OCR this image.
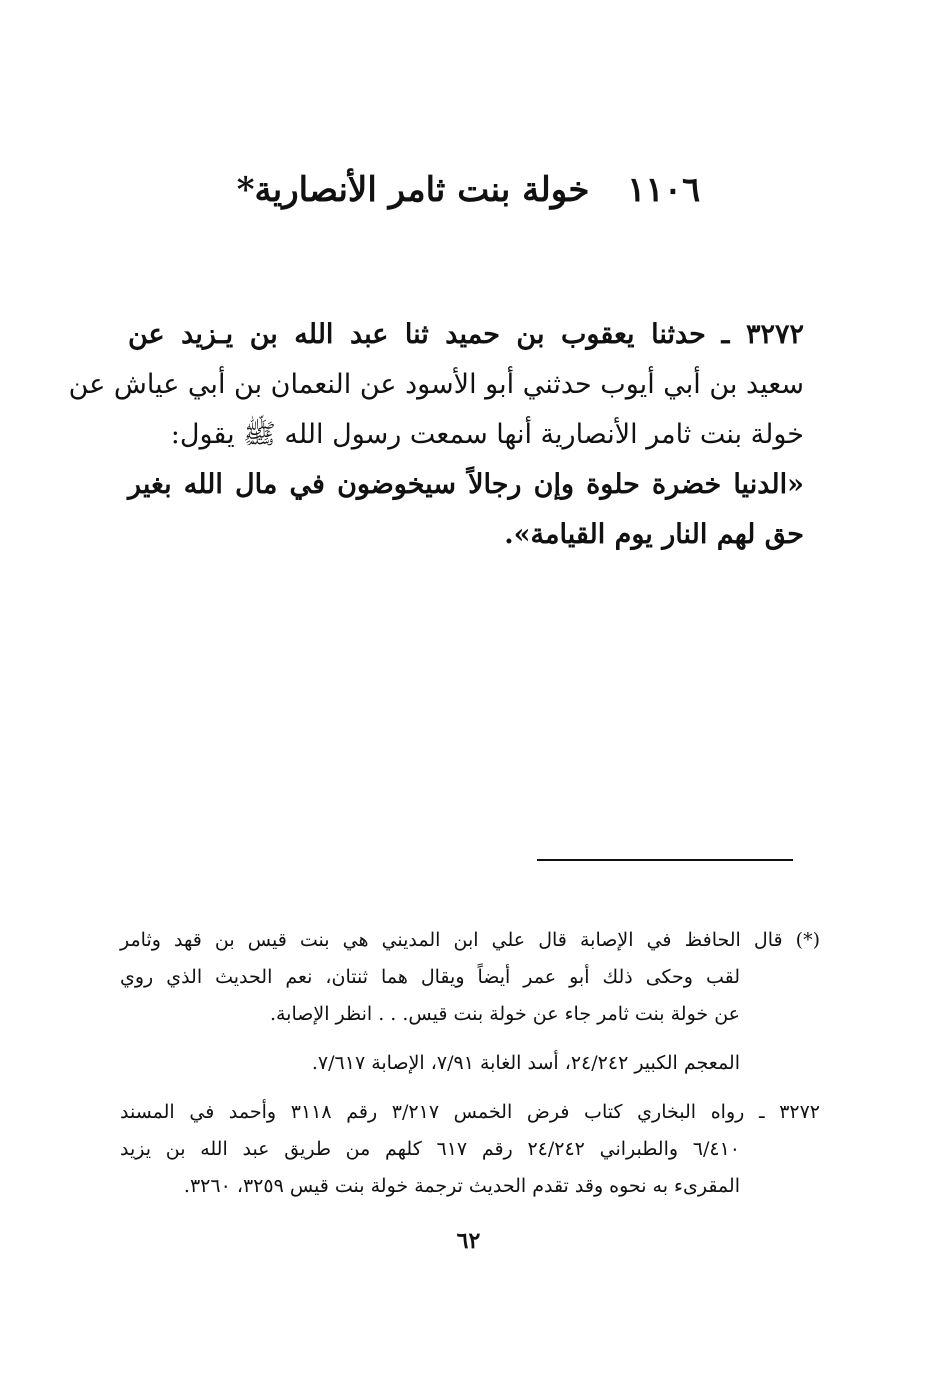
١١٠٦ خولة بنت ثامر الأنصارية*
٣٢٧٢ ـ حدثنا يعقوب بن حميد ثنا عبد الله بن يـزيد عن
سعيد بن أبي أيوب حدثني أبو الأسود عن النعمان بن أبي عياش عن
خولة بنت ثامر الأنصارية أنها سمعت رسول الله ﷺ يقول:
«الدنيا خضرة حلوة وإن رجالاً سيخوضون في مال الله بغير
حق لهم النار يوم القيامة».
(*) قال الحافظ في الإصابة قال علي ابن المديني هي بنت قيس بن قهد وثامر
لقب وحكى ذلك أبو عمر أيضاً ويقال هما ثنتان، نعم الحديث الذي روي
عن خولة بنت ثامر جاء عن خولة بنت قيس. . . انظر الإصابة.
المعجم الكبير ٢٤/٢٤٢، أسد الغابة ٧/٩١، الإصابة ٧/٦١٧.
٣٢٧٢ ـ رواه البخاري كتاب فرض الخمس ٣/٢١٧ رقم ٣١١٨ وأحمد في المسند
٦/٤١٠ والطبراني ٢٤/٢٤٢ رقم ٦١٧ كلهم من طريق عبد الله بن يزيد
المقرىء به نحوه وقد تقدم الحديث ترجمة خولة بنت قيس ٣٢٥٩، ٣٢٦٠.
٦٢
